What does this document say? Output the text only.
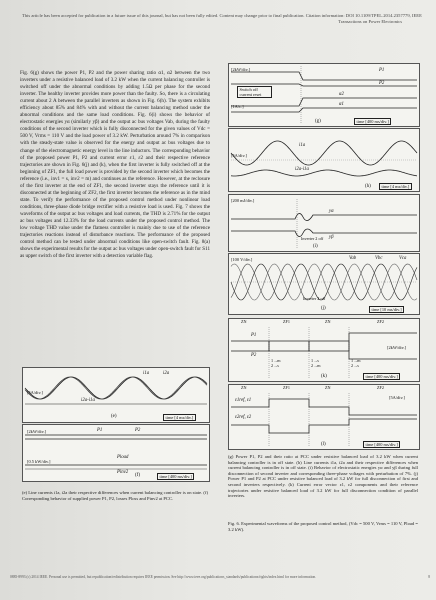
This article has been accepted for publication in a future issue of this journal, but has not been fully edited. Content may change prior to final publication. Citation information: DOI 10.1109/TPEL.2014.2357779, IEEE
Transactions on Power Electronics

Fig. 6(g) shows the power P1, P2 and the power sharing ratio α1, α2 between the two inverters under a resistive balanced load of 3.2 kW when the current balancing controller is switched off under the abnormal conditions by adding 1.5Ω per phase for the second inverter. The healthy inverter provides more power than the faulty. So, there is a circulating current about 2 A between the parallel inverters as shown in Fig. 6(h). The system exhibits efficiency about 85% and 84% with and without the current balancing method under the abnormal conditions and the same load conditions. Fig. 6(i) shows the behavior of electrostatic energies yα (similarly yβ) and the output ac bus voltages Vab, during the faulty conditions of the second inverter which is fully disconnected for the given values of Vdc = 500 V, Vrms = 110 V and the load power of 3.2 kW. Perturbation around 7% in comparison with the steady-state value is observed for the energy and output ac bus voltages due to change of the electromagnetic energy level in the line inductors. The corresponding behavior of the proposed power P1, P2 and current error ε1, ε2 and their respective reference trajectories are shown in Fig. 6(j) and (k), when the first inverter is fully switched off at the beginning of ZF1, the full load power is provided by the second inverter which becomes the reference (i.e., inv1 = s, inv2 = m) and continues as the reference. However, at the reclosure of the first inverter at the end of ZF1, the second inverter stays the reference until it is disconnected at the beginning of ZF2, the first inverter becomes the reference as in the mind state. To verify the performance of the proposed control method under nonlinear load conditions, three-phase diode bridge rectifier with a resistive load is used. Fig. 7 shows the waveforms of the output ac bus voltages and load currents, the THD is 2.71% for the output ac bus voltages and 12.33% for the load currents under the proposed control method. The low voltage THD value under the flatness controller is mainly due to use of the reference trajectories reactions instead of disturbance reactions. The performance of the proposed control method can be tested under abnormal conditions like open-switch fault. Fig. 8(a) shows the experimental results for the output ac bus voltages under open-switch fault for S11 as upper switch of the first inverter with a detection variable flag.

[2kW/div.]	P1
P2
α2
α1
Switch off current reset
[1A/c.]
(g)	time [400 ms/div.]
[5A/div.]
i1a
i2a-i1a
(h)	time [4 ms/div.]
[200 mJ/div.]
yα
yβ
Inverter 2 off
(i)
[100 V/div.]	Vab	Vbc	Vca
Inverter 2 off
(j)	time [10 ms/div.]
ZN	ZF1	ZN	ZF2
[2kW/div.]
P1
P2
1→m
2→s
1→s
2→m
1→m
2→s
(k)	time [400 ms/div.]
ZN	ZF1	ZN	ZF2
[5A/div.]
ε1ref, ε1
ε2ref, ε2
(l)	time [400 ms/div.]
[5A/div.]
i1a	i2a
i2a-i1a
(e)	time [4 ms/div.]
[2kW/div.]	P1	P2
[0.5 kW/div.]
Pload
Pinv2
(f)	time [400 ms/div.]
(e) Line currents i1a, i2a their respective differences when current balancing controller is on state. (f) Corresponding behavior of supplied power P1, P2, losses Ploss and Pinv2 at PCC.
(g) Power P1, P2 and their ratio at PCC under resistive balanced load of 3.2 kW when current balancing controller is in off state. (h) Line currents i1a, i2a and their respective differences when current balancing controller is in off state. (i) Behavior of electrostatic energies yα and yβ during full disconnection of second inverter and corresponding three-phase voltages with perturbation of 7%. (j) Power P1 and P2 at PCC under resistive balanced load of 3.2 kW for full disconnection of first and second inverters respectively. (k) Current error vector ε1, ε2 components and their reference trajectories under resistive balanced load of 3.2 kW for full disconnection condition of parallel inverters.
Fig. 6. Experimental waveforms of the proposed control method, (Vdc = 500 V, Vrms = 110 V, Pload = 3.2 kW).
0885-8993 (c) 2014 IEEE. Personal use is permitted, but republication/redistribution requires IEEE permission. See http://www.ieee.org/publications_standards/publications/rights/index.html for more information.	8
